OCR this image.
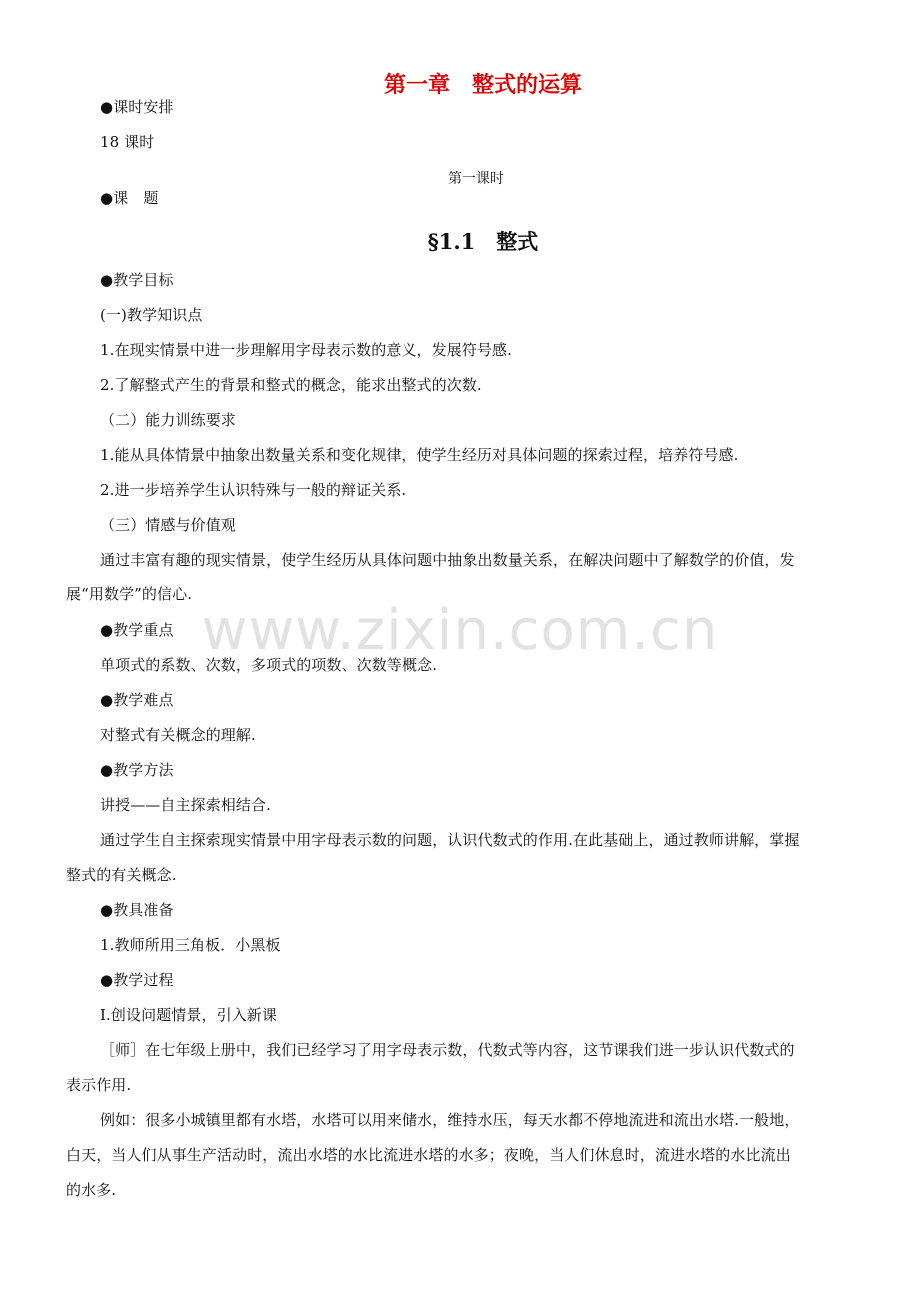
第一章　整式的运算
●课时安排
18 课时
第一课时
●课　题
§1.1　整式
●教学目标
(一)教学知识点
1.在现实情景中进一步理解用字母表示数的意义，发展符号感.
2.了解整式产生的背景和整式的概念，能求出整式的次数.
（二）能力训练要求
1.能从具体情景中抽象出数量关系和变化规律，使学生经历对具体问题的探索过程，培养符号感.
2.进一步培养学生认识特殊与一般的辩证关系.
（三）情感与价值观
通过丰富有趣的现实情景，使学生经历从具体问题中抽象出数量关系，在解决问题中了解数学的价值，发
展“用数学”的信心.
●教学重点
单项式的系数、次数，多项式的项数、次数等概念.
●教学难点
对整式有关概念的理解.
●教学方法
讲授——自主探索相结合.
通过学生自主探索现实情景中用字母表示数的问题，认识代数式的作用.在此基础上，通过教师讲解，掌握
整式的有关概念.
●教具准备
1.教师所用三角板．小黑板
●教学过程
Ⅰ.创设问题情景，引入新课
［师］在七年级上册中，我们已经学习了用字母表示数，代数式等内容，这节课我们进一步认识代数式的
表示作用.
例如：很多小城镇里都有水塔，水塔可以用来储水，维持水压，每天水都不停地流进和流出水塔.一般地，
白天，当人们从事生产活动时，流出水塔的水比流进水塔的水多；夜晚，当人们休息时，流进水塔的水比流出
的水多.
www.zixin.com.cn
